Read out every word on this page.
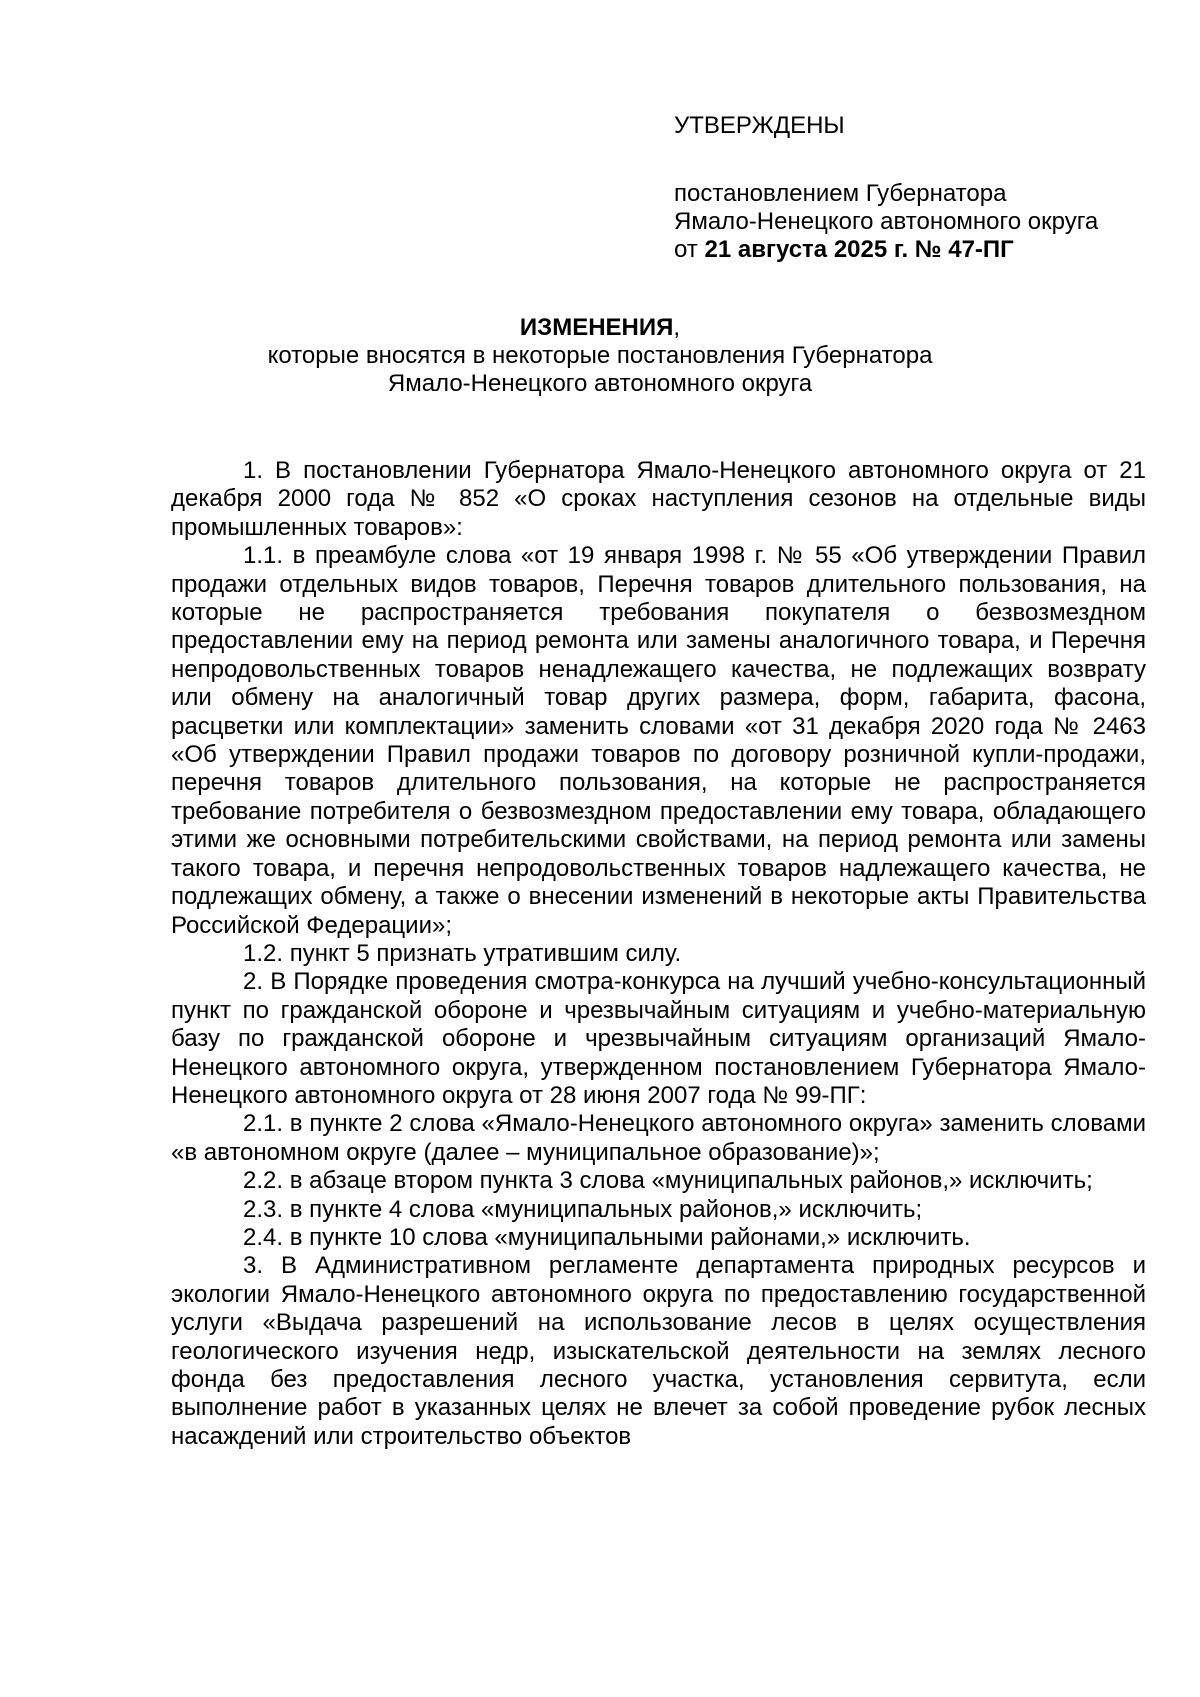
УТВЕРЖДЕНЫ
постановлением Губернатора
Ямало-Ненецкого автономного округа
от 21 августа 2025 г. № 47-ПГ
ИЗМЕНЕНИЯ,
которые вносятся в некоторые постановления Губернатора
Ямало-Ненецкого автономного округа

1. В постановлении Губернатора Ямало-Ненецкого автономного округа от 21 декабря 2000 года № 852 «О сроках наступления сезонов на отдельные виды промышленных товаров»:

1.1. в преамбуле слова «от 19 января 1998 г. № 55 «Об утверждении Правил продажи отдельных видов товаров, Перечня товаров длительного пользования, на которые не распространяется требования покупателя о безвозмездном предоставлении ему на период ремонта или замены аналогичного товара, и Перечня непродовольственных товаров ненадлежащего качества, не подлежащих возврату или обмену на аналогичный товар других размера, форм, габарита, фасона, расцветки или комплектации» заменить словами «от 31 декабря 2020 года № 2463 «Об утверждении Правил продажи товаров по договору розничной купли-продажи, перечня товаров длительного пользования, на которые не распространяется требование потребителя о безвозмездном предоставлении ему товара, обладающего этими же основными потребительскими свойствами, на период ремонта или замены такого товара, и перечня непродовольственных товаров надлежащего качества, не подлежащих обмену, а также о внесении изменений в некоторые акты Правительства Российской Федерации»;

1.2. пункт 5 признать утратившим силу.

2. В Порядке проведения смотра-конкурса на лучший учебно-консультационный пункт по гражданской обороне и чрезвычайным ситуациям и учебно-материальную базу по гражданской обороне и чрезвычайным ситуациям организаций Ямало-Ненецкого автономного округа, утвержденном постановлением Губернатора Ямало-Ненецкого автономного округа от 28 июня 2007 года № 99-ПГ:

2.1. в пункте 2 слова «Ямало-Ненецкого автономного округа» заменить словами «в автономном округе (далее – муниципальное образование)»;

2.2. в абзаце втором пункта 3 слова «муниципальных районов,» исключить;

2.3. в пункте 4 слова «муниципальных районов,» исключить;

2.4. в пункте 10 слова «муниципальными районами,» исключить.

3. В Административном регламенте департамента природных ресурсов и экологии Ямало-Ненецкого автономного округа по предоставлению государственной услуги «Выдача разрешений на использование лесов в целях осуществления геологического изучения недр, изыскательской деятельности на землях лесного фонда без предоставления лесного участка, установления сервитута, если выполнение работ в указанных целях не влечет за собой проведение рубок лесных насаждений или строительство объектов
